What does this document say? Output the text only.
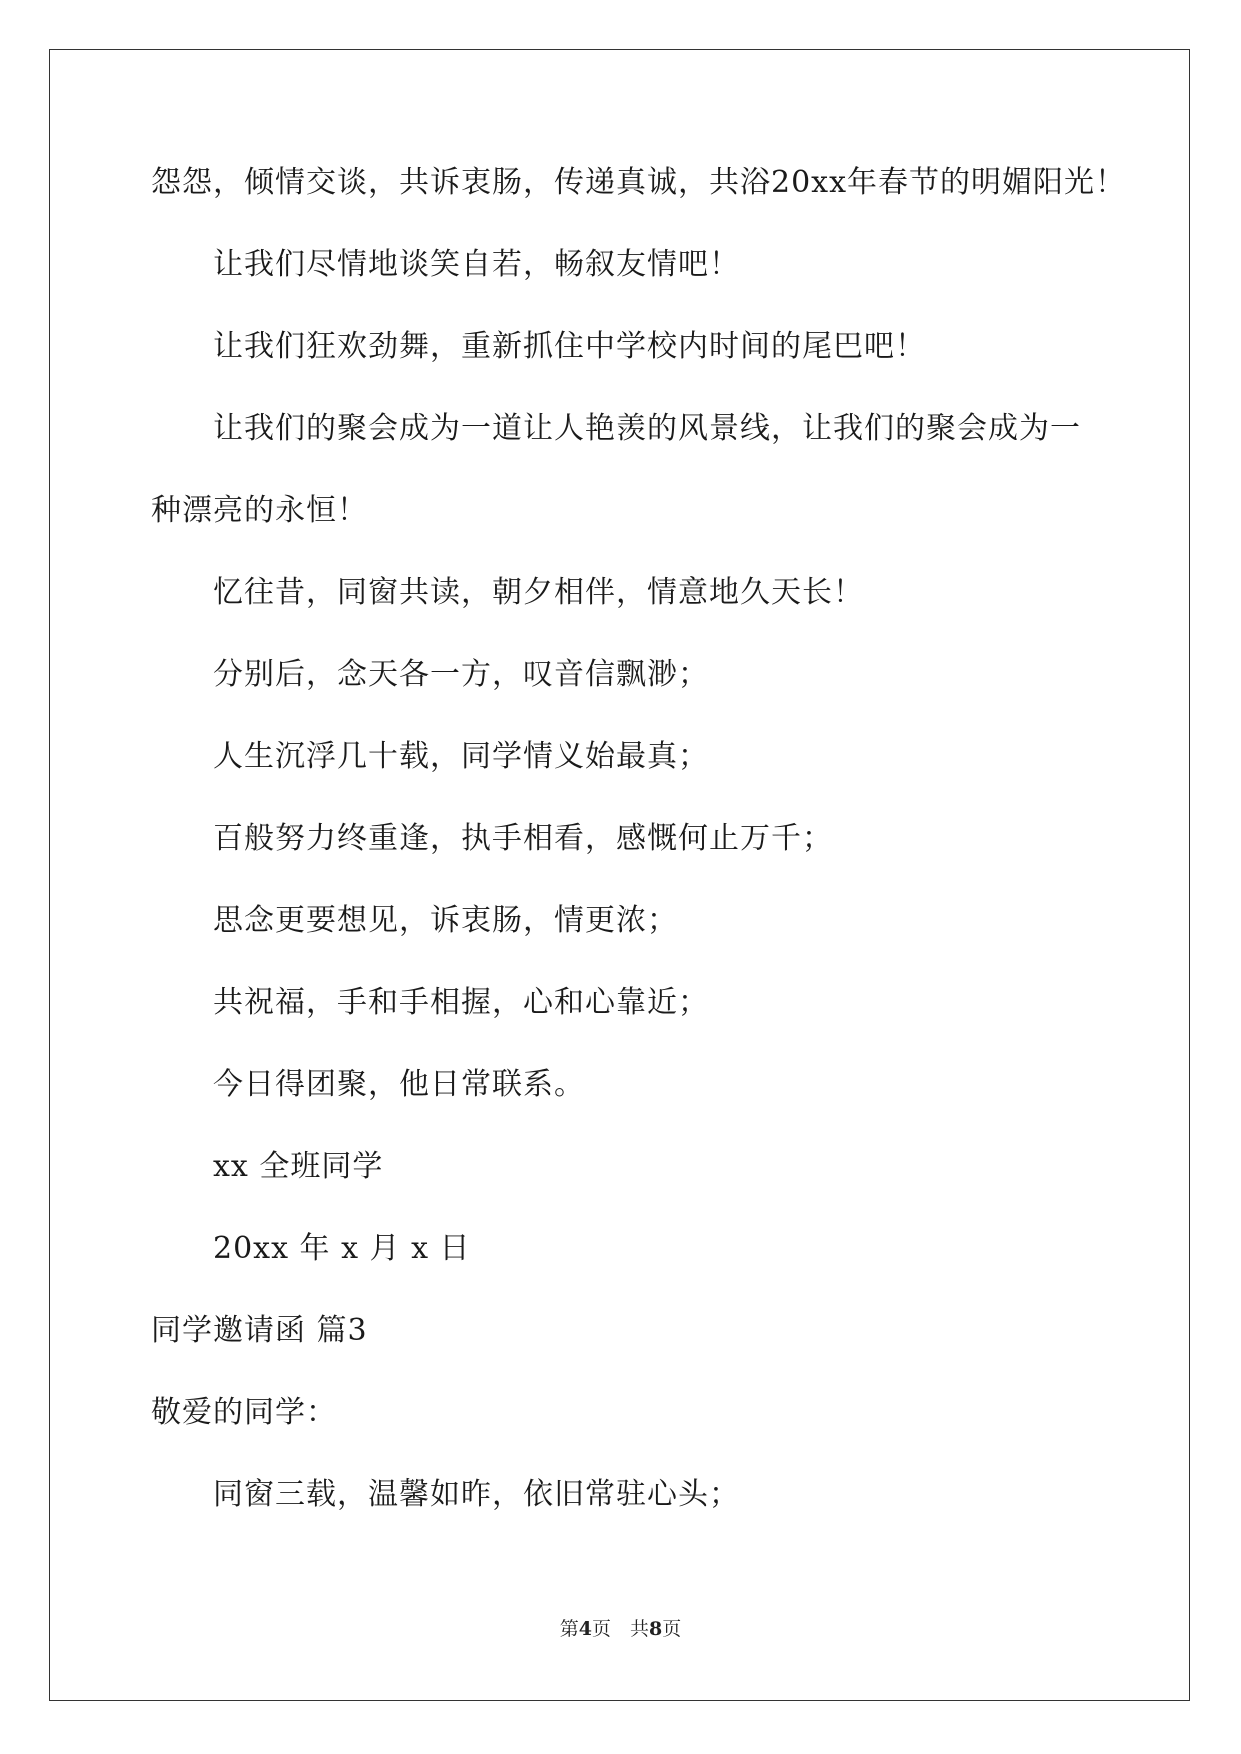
怨怨，倾情交谈，共诉衷肠，传递真诚，共浴20xx年春节的明媚阳光！
让我们尽情地谈笑自若，畅叙友情吧！
让我们狂欢劲舞，重新抓住中学校内时间的尾巴吧！
让我们的聚会成为一道让人艳羡的风景线，让我们的聚会成为一
种漂亮的永恒！
忆往昔，同窗共读，朝夕相伴，情意地久天长！
分别后，念天各一方，叹音信飘渺；
人生沉浮几十载，同学情义始最真；
百般努力终重逢，执手相看，感慨何止万千；
思念更要想见，诉衷肠，情更浓；
共祝福，手和手相握，心和心靠近；
今日得团聚，他日常联系。
xx 全班同学
20xx 年 x 月 x 日
同学邀请函 篇3
敬爱的同学：
同窗三载，温馨如昨，依旧常驻心头；
第4页　共8页
